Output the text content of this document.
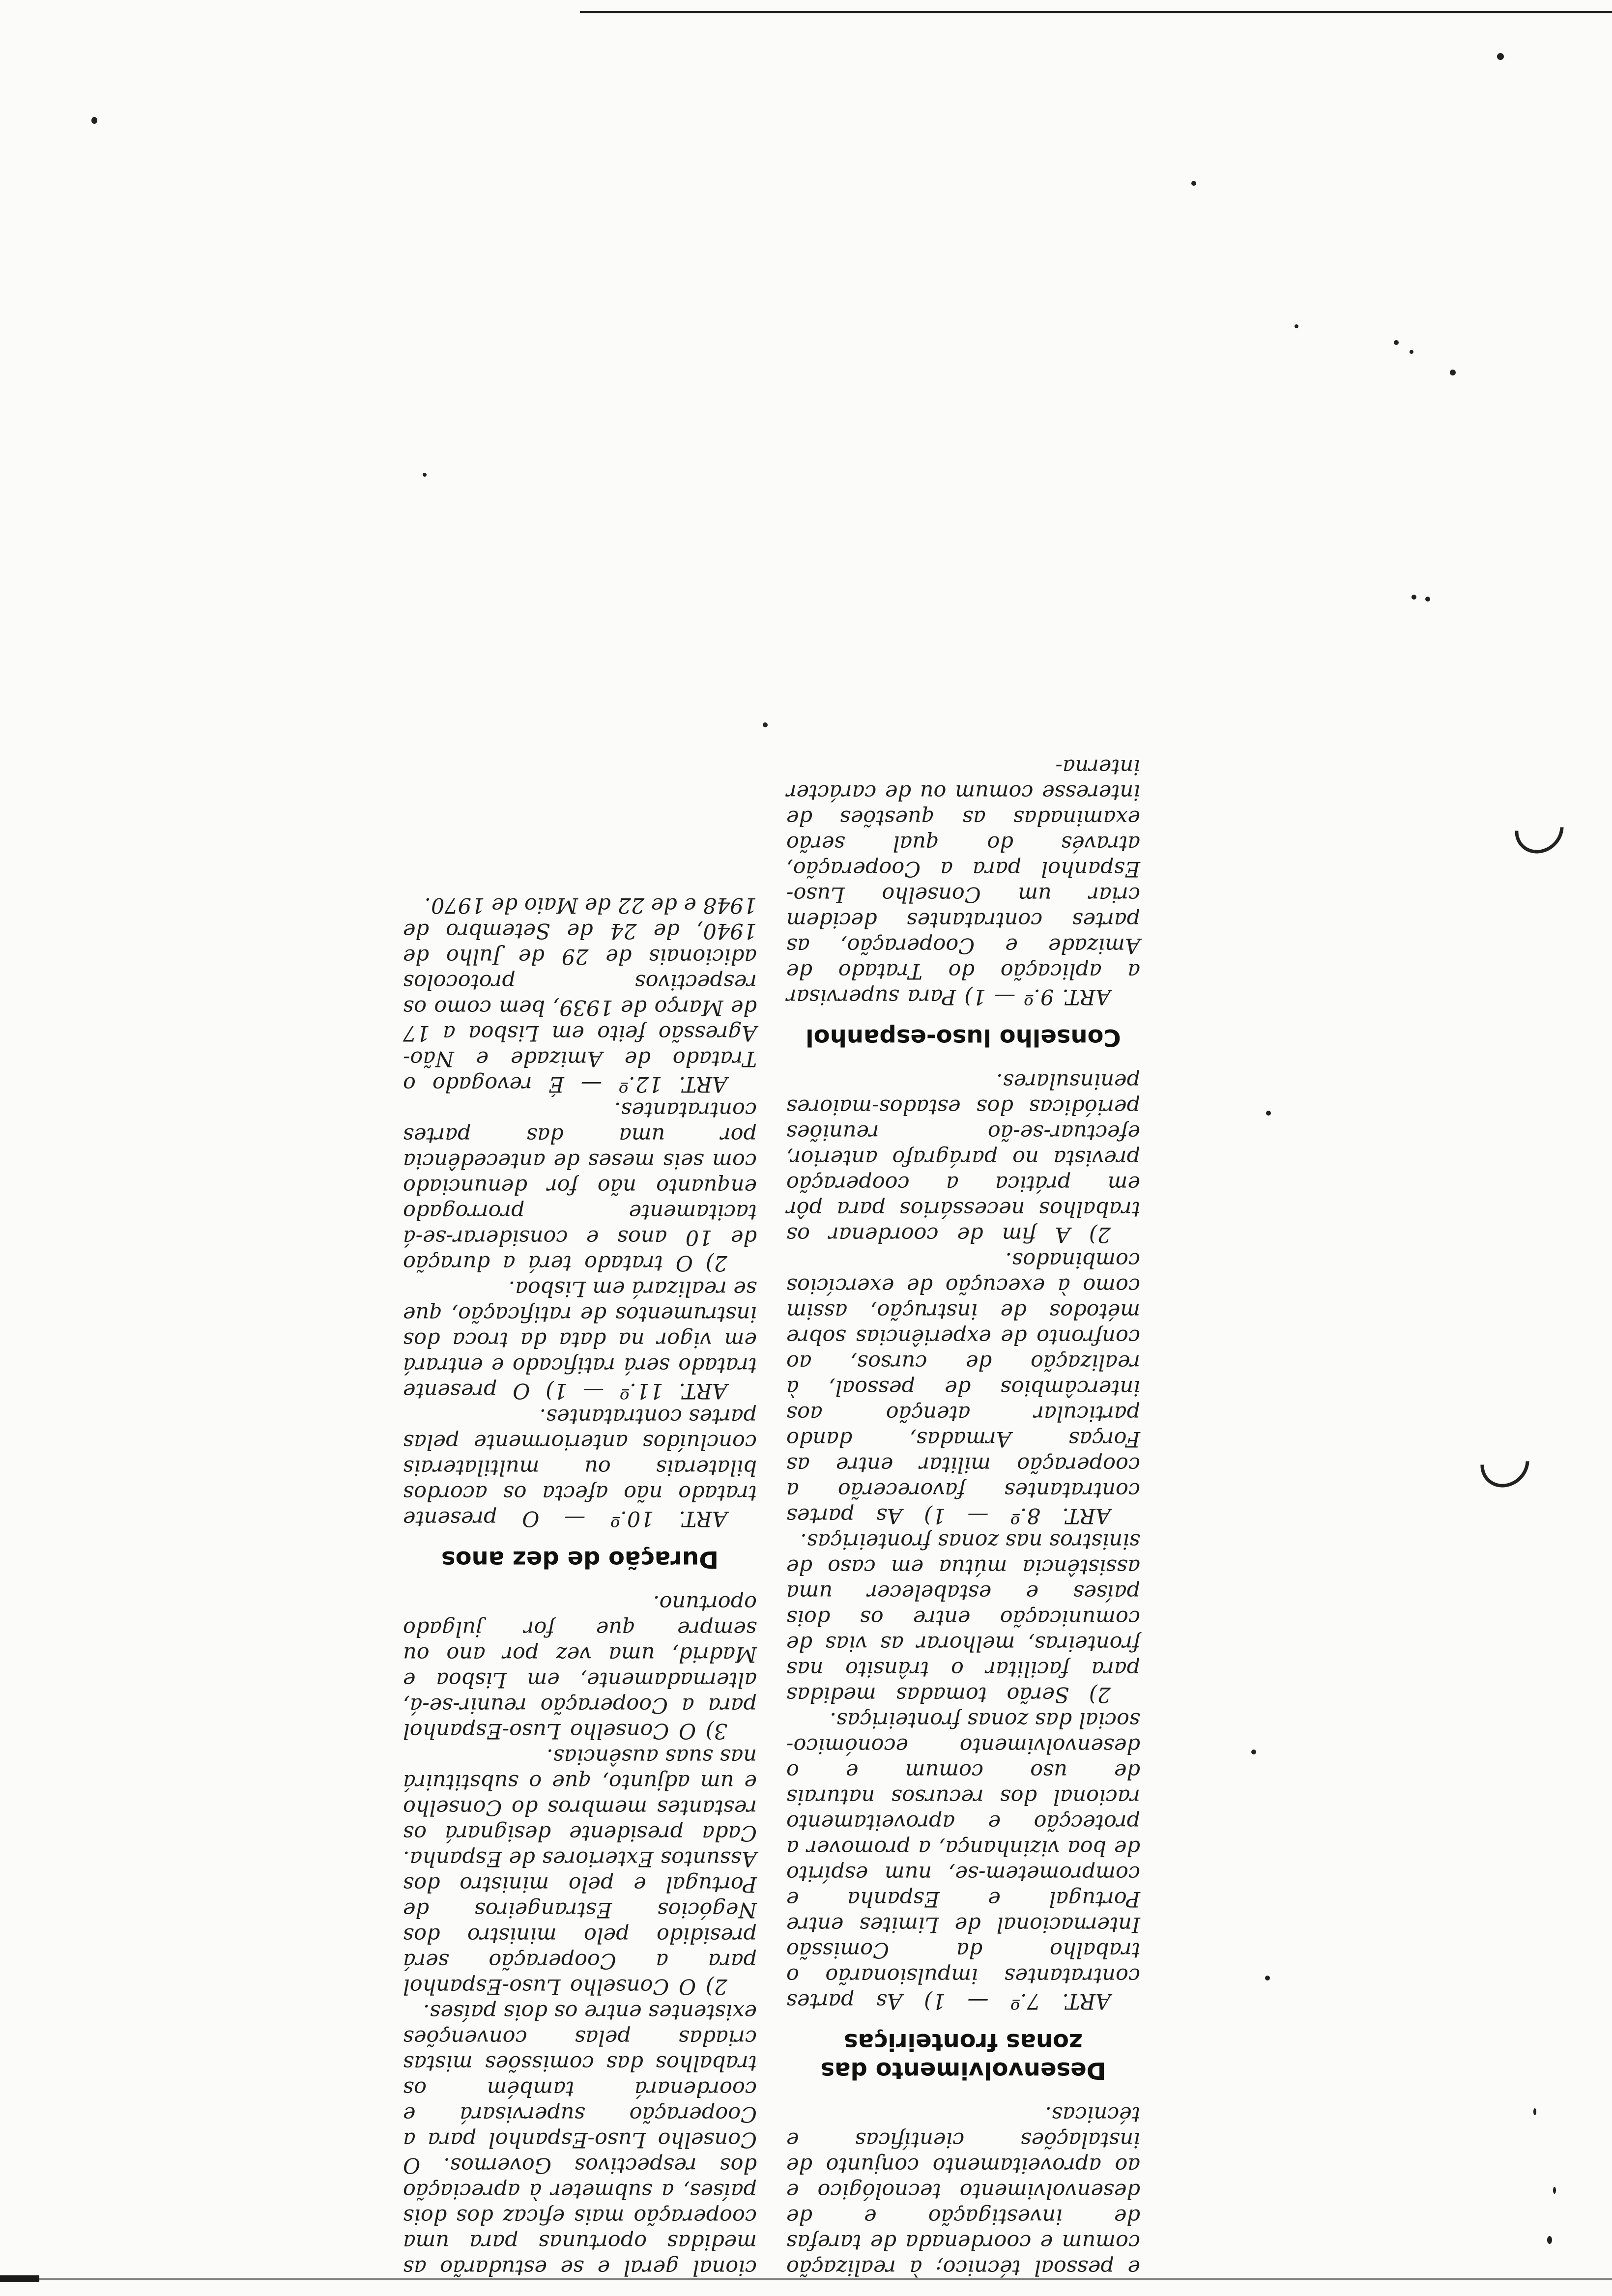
e pessoal técnico; à realização comum e coordenada de tarefas de investigação e de desenvolvimento tecnológico e ao aproveitamento conjunto de instalações científicas e técnicas.

Desenvolvimento das zonas fronteiriças

ART. 7.º — 1) As partes contratantes impulsionarão o trabalho da Comissão Internacional de Limites entre Portugal e Espanha e comprometem-se, num espírito de boa vizinhança, a promover a protecção e aproveitamento racional dos recursos naturais de uso comum e o desenvolvimento económico-social das zonas fronteiriças.

2) Serão tomadas medidas para facilitar o trânsito nas fronteiras, melhorar as vias de comunicação entre os dois países e estabelecer uma assistência mútua em caso de sinistros nas zonas fronteiriças.

ART. 8.º — 1) As partes contratantes favorecerão a cooperação militar entre as Forças Armadas, dando particular atenção aos intercâmbios de pessoal, à realização de cursos, ao confronto de experiências sobre métodos de instrução, assim como à execução de exercícios combinados.

2) A fim de coordenar os trabalhos necessários para pôr em prática a cooperação prevista no parágrafo anterior, efectuar-se-ão reuniões periódicas dos estados-maiores peninsulares.

Conselho luso-espanhol

ART. 9.º — 1) Para supervisar a aplicação do Tratado de Amizade e Cooperação, as partes contratantes decidem criar um Conselho Luso-Espanhol para a Cooperação, através do qual serão examinadas as questões de interesse comum ou de carácter interna-

cional geral e se estudarão as medidas oportunas para uma cooperação mais eficaz dos dois países, a submeter à apreciação dos respectivos Governos. O Conselho Luso-Espanhol para a Cooperação supervisará e coordenará também os trabalhos das comissões mistas criadas pelas convenções existentes entre os dois países.

2) O Conselho Luso-Espanhol para a Cooperação será presidido pelo ministro dos Negócios Estrangeiros de Portugal e pelo ministro dos Assuntos Exteriores de Espanha. Cada presidente designará os restantes membros do Conselho e um adjunto, que o substituirá nas suas ausências.

3) O Conselho Luso-Espanhol para a Cooperação reunir-se-á, alternadamente, em Lisboa e Madrid, uma vez por ano ou sempre que for julgado oportuno.

Duração de dez anos

ART. 10.º — O presente tratado não afecta os acordos bilaterais ou multilaterais concluídos anteriormente pelas partes contratantes.

ART. 11.º — 1) O presente tratado será ratificado e entrará em vigor na data da troca dos instrumentos de ratificação, que se realizará em Lisboa.

2) O tratado terá a duração de 10 anos e considerar-se-á tacitamente prorrogado enquanto não for denunciado com seis meses de antecedência por uma das partes contratantes.

ART. 12.º — É revogado o Tratado de Amizade e Não-Agressão feito em Lisboa a 17 de Março de 1939, bem como os respectivos protocolos adicionais de 29 de Julho de 1940, de 24 de Setembro de 1948 e de 22 de Maio de 1970.
